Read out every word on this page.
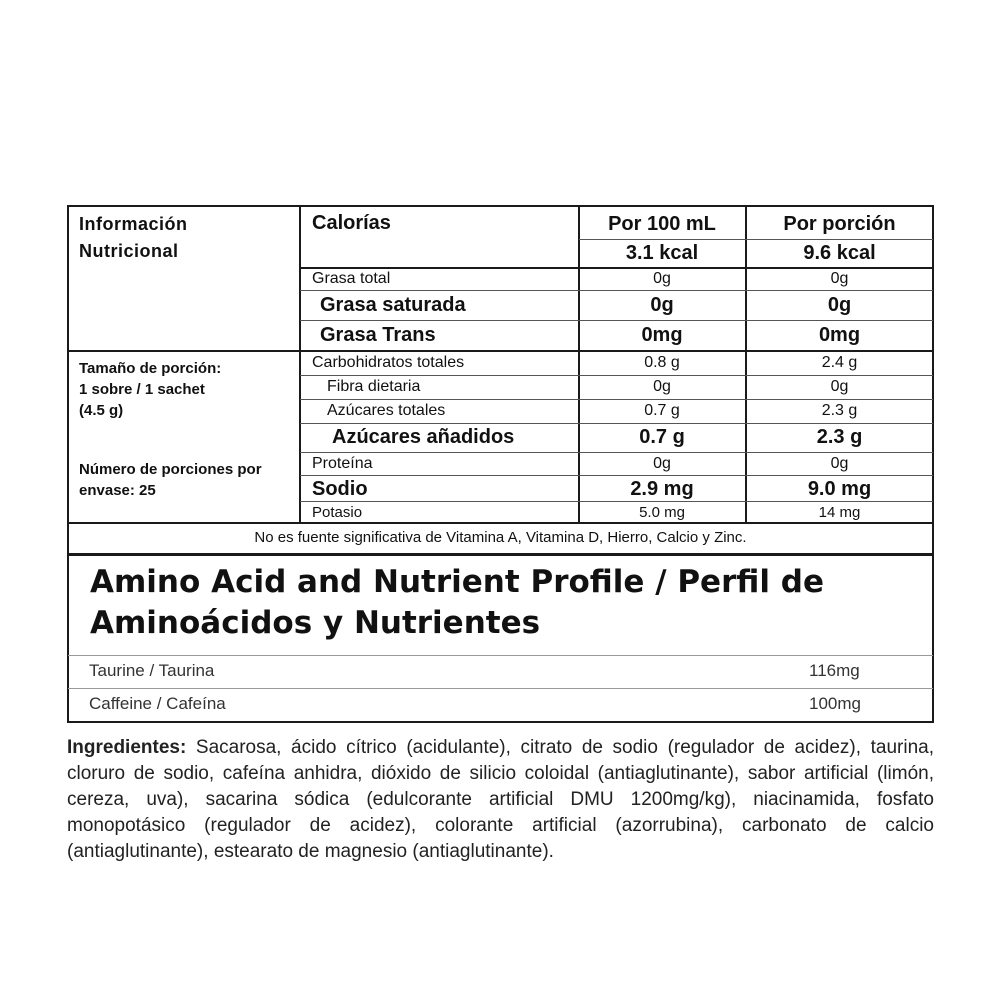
Información
Nutricional
Tamaño de porción:
1 sobre / 1 sachet
(4.5 g)
Número de porciones por
envase: 25
Calorías	Por 100 mL	Por porción
3.1 kcal	9.6 kcal
Grasa total	0g	0g
Grasa saturada	0g	0g
Grasa Trans	0mg	0mg
Carbohidratos totales	0.8 g	2.4 g
Fibra dietaria	0g	0g
Azúcares totales	0.7 g	2.3 g
Azúcares añadidos	0.7 g	2.3 g
Proteína	0g	0g
Sodio	2.9 mg	9.0 mg
Potasio	5.0 mg	14 mg
No es fuente significativa de Vitamina A, Vitamina D, Hierro, Calcio y Zinc.
Amino Acid and Nutrient Profile / Perfil de Aminoácidos y Nutrientes
Taurine / Taurina	116mg
Caffeine / Cafeína	100mg
Ingredientes: Sacarosa, ácido cítrico (acidulante), citrato de sodio (regulador de acidez), taurina, cloruro de sodio, cafeína anhidra, dióxido de silicio coloidal (antiaglutinante), sabor artificial (limón, cereza, uva), sacarina sódica (edulcorante artificial DMU 1200mg/kg), niacinamida, fosfato monopotásico (regulador de acidez), colorante artificial (azorrubina), carbonato de calcio (antiaglutinante), estearato de magnesio (antiaglutinante).
